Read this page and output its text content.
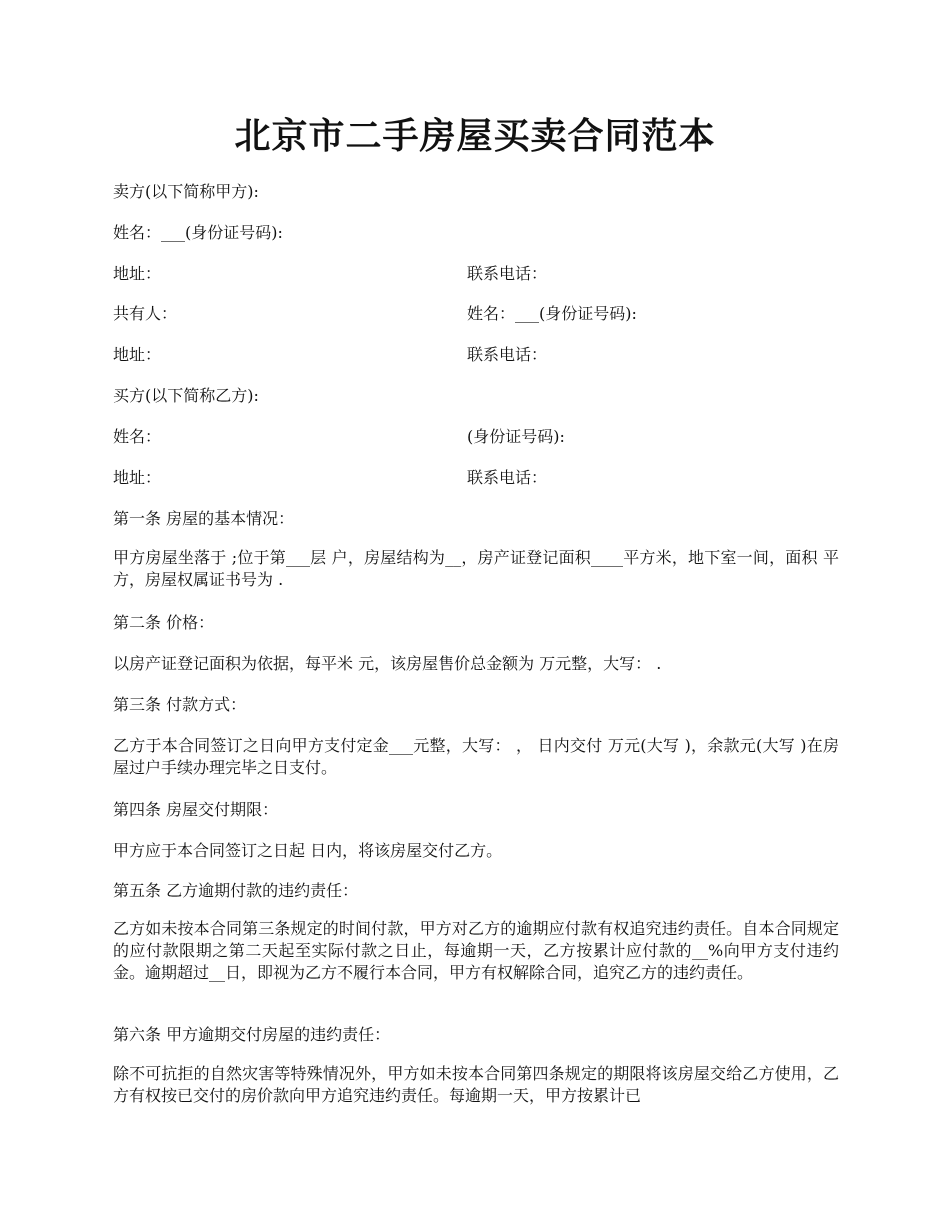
北京市二手房屋买卖合同范本
卖方(以下简称甲方):
姓名：___(身份证号码):
地址：	联系电话：
共有人：	姓名：___(身份证号码):
地址：	联系电话：
买方(以下简称乙方):
姓名：	(身份证号码):
地址：	联系电话：
第一条 房屋的基本情况：
甲方房屋坐落于 ;位于第___层 户，房屋结构为__，房产证登记面积____平方米，地下室一间，面积 平方，房屋权属证书号为 .
第二条 价格：
以房产证登记面积为依据，每平米 元，该房屋售价总金额为 万元整，大写： .
第三条 付款方式：
乙方于本合同签订之日向甲方支付定金___元整，大写： ， 日内交付 万元(大写 )，余款元(大写 )在房屋过户手续办理完毕之日支付。
第四条 房屋交付期限：
甲方应于本合同签订之日起 日内，将该房屋交付乙方。
第五条 乙方逾期付款的违约责任：
乙方如未按本合同第三条规定的时间付款，甲方对乙方的逾期应付款有权追究违约责任。自本合同规定的应付款限期之第二天起至实际付款之日止，每逾期一天，乙方按累计应付款的__%向甲方支付违约金。逾期超过__日，即视为乙方不履行本合同，甲方有权解除合同，追究乙方的违约责任。
第六条 甲方逾期交付房屋的违约责任：
除不可抗拒的自然灾害等特殊情况外，甲方如未按本合同第四条规定的期限将该房屋交给乙方使用，乙方有权按已交付的房价款向甲方追究违约责任。每逾期一天，甲方按累计已
